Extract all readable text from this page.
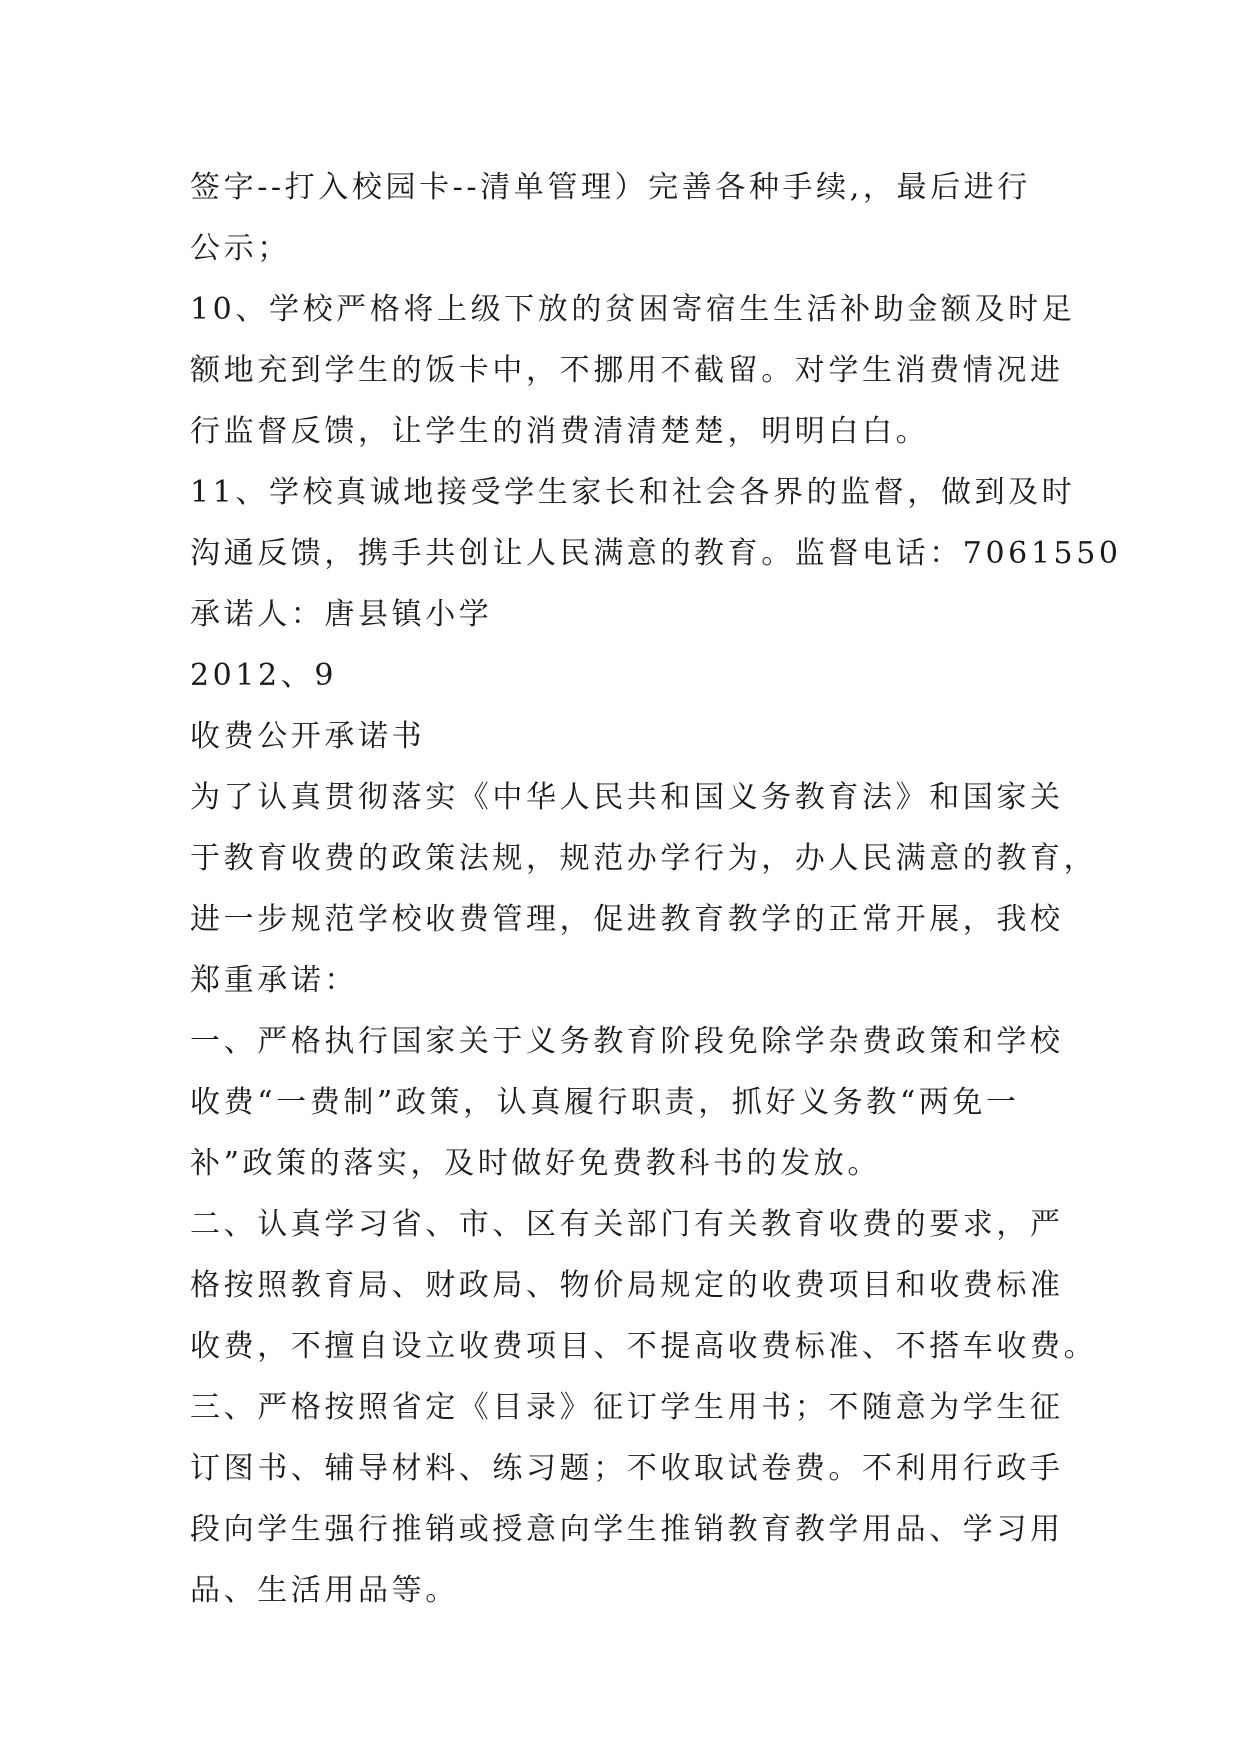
签字--打入校园卡--清单管理）完善各种手续,，最后进行
公示；
10、学校严格将上级下放的贫困寄宿生生活补助金额及时足
额地充到学生的饭卡中，不挪用不截留。对学生消费情况进
行监督反馈，让学生的消费清清楚楚，明明白白。
11、学校真诚地接受学生家长和社会各界的监督，做到及时
沟通反馈，携手共创让人民满意的教育。监督电话：7061550
承诺人：唐县镇小学
2012、9
收费公开承诺书
为了认真贯彻落实《中华人民共和国义务教育法》和国家关
于教育收费的政策法规，规范办学行为，办人民满意的教育，
进一步规范学校收费管理，促进教育教学的正常开展，我校
郑重承诺：
一、严格执行国家关于义务教育阶段免除学杂费政策和学校
收费“一费制”政策，认真履行职责，抓好义务教“两免一
补”政策的落实，及时做好免费教科书的发放。
二、认真学习省、市、区有关部门有关教育收费的要求，严
格按照教育局、财政局、物价局规定的收费项目和收费标准
收费，不擅自设立收费项目、不提高收费标准、不搭车收费。
三、严格按照省定《目录》征订学生用书；不随意为学生征
订图书、辅导材料、练习题；不收取试卷费。不利用行政手
段向学生强行推销或授意向学生推销教育教学用品、学习用
品、生活用品等。
